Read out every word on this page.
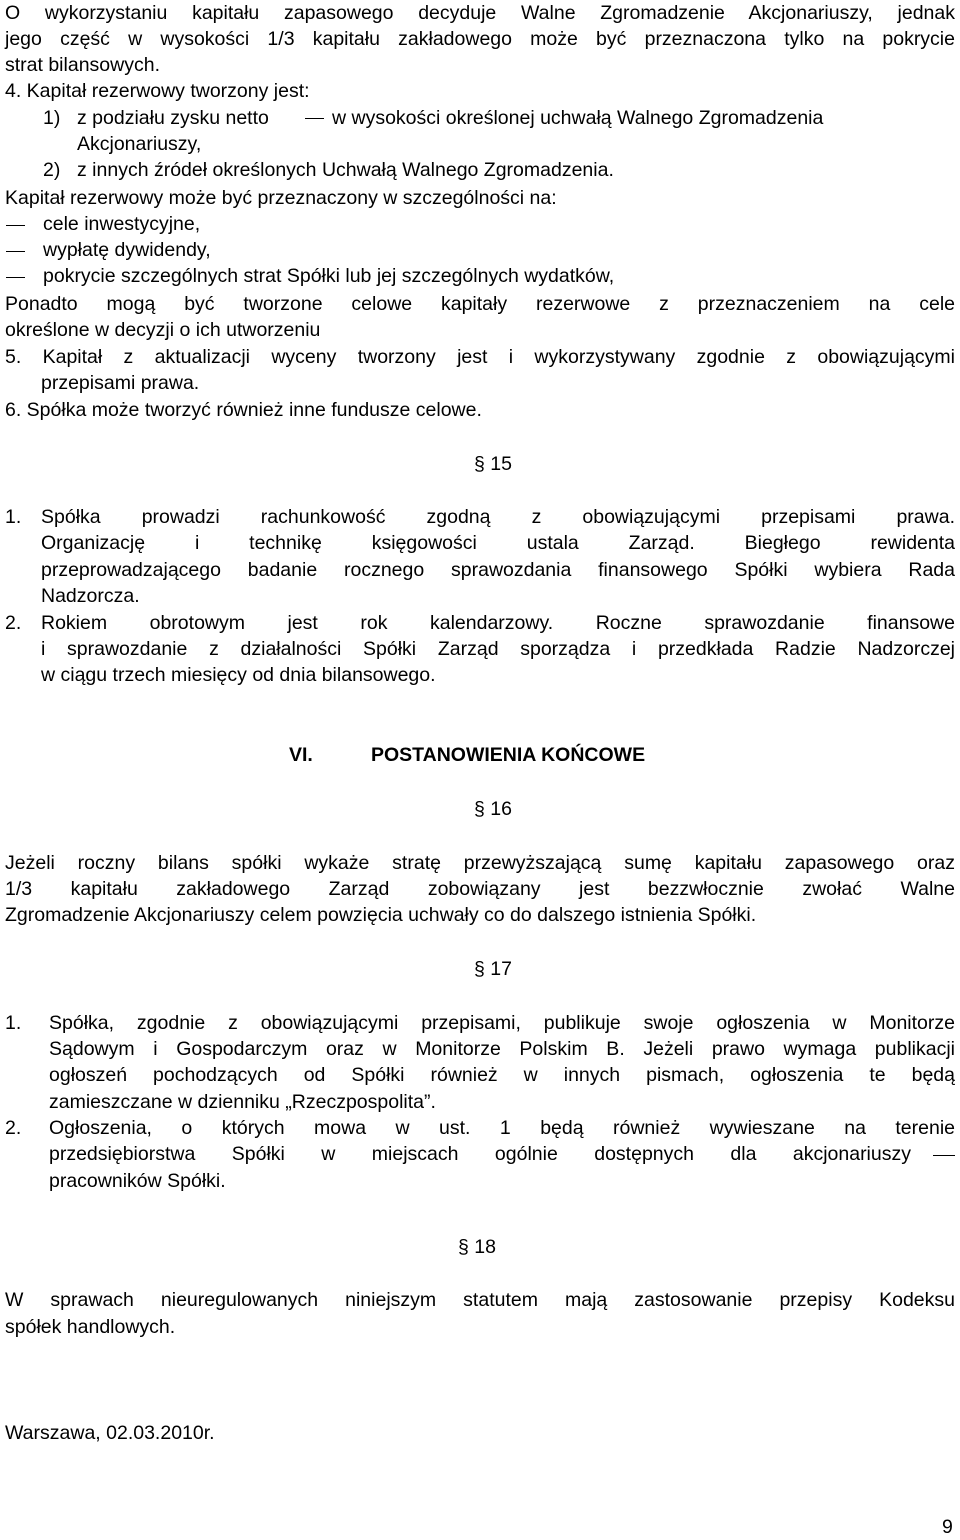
O wykorzystaniu kapitału zapasowego decyduje Walne Zgromadzenie Akcjonariuszy, jednak
jego część w wysokości 1/3 kapitału zakładowego może być przeznaczona tylko na pokrycie
strat bilansowych.
4. Kapitał rezerwowy tworzony jest:
1) z podziału zysku netto	w wysokości określonej uchwałą Walnego Zgromadzenia
Akcjonariuszy,
2) z innych źródeł określonych Uchwałą Walnego Zgromadzenia.
Kapitał rezerwowy może być przeznaczony w szczególności na:
cele inwestycyjne,
wypłatę dywidendy,
pokrycie szczególnych strat Spółki lub jej szczególnych wydatków,
Ponadto mogą być tworzone celowe kapitały rezerwowe z przeznaczeniem na cele
określone w decyzji o ich utworzeniu
5. Kapitał z aktualizacji wyceny tworzony jest i wykorzystywany zgodnie z obowiązującymi
przepisami prawa.
6. Spółka może tworzyć również inne fundusze celowe.
§ 15
1. Spółka prowadzi rachunkowość zgodną z obowiązującymi przepisami prawa.
Organizację i technikę księgowości ustala Zarząd. Biegłego rewidenta
przeprowadzającego badanie rocznego sprawozdania finansowego Spółki wybiera Rada
Nadzorcza.
2. Rokiem obrotowym jest rok kalendarzowy. Roczne sprawozdanie finansowe
i sprawozdanie z działalności Spółki Zarząd sporządza i przedkłada Radzie Nadzorczej
w ciągu trzech miesięcy od dnia bilansowego.
VI.	POSTANOWIENIA KOŃCOWE
§ 16
Jeżeli roczny bilans spółki wykaże stratę przewyższającą sumę kapitału zapasowego oraz
1/3 kapitału zakładowego Zarząd zobowiązany jest bezzwłocznie zwołać Walne
Zgromadzenie Akcjonariuszy celem powzięcia uchwały co do dalszego istnienia Spółki.
§ 17
1. Spółka, zgodnie z obowiązującymi przepisami, publikuje swoje ogłoszenia w Monitorze
Sądowym i Gospodarczym oraz w Monitorze Polskim B. Jeżeli prawo wymaga publikacji
ogłoszeń pochodzących od Spółki również w innych pismach, ogłoszenia te będą
zamieszczane w dzienniku „Rzeczpospolita”.
2. Ogłoszenia, o których mowa w ust. 1 będą również wywieszane na terenie
przedsiębiorstwa Spółki w miejscach ogólnie dostępnych dla akcjonariuszy
pracowników Spółki.
§ 18
W sprawach nieuregulowanych niniejszym statutem mają zastosowanie przepisy Kodeksu
spółek handlowych.
Warszawa, 02.03.2010r.
9
